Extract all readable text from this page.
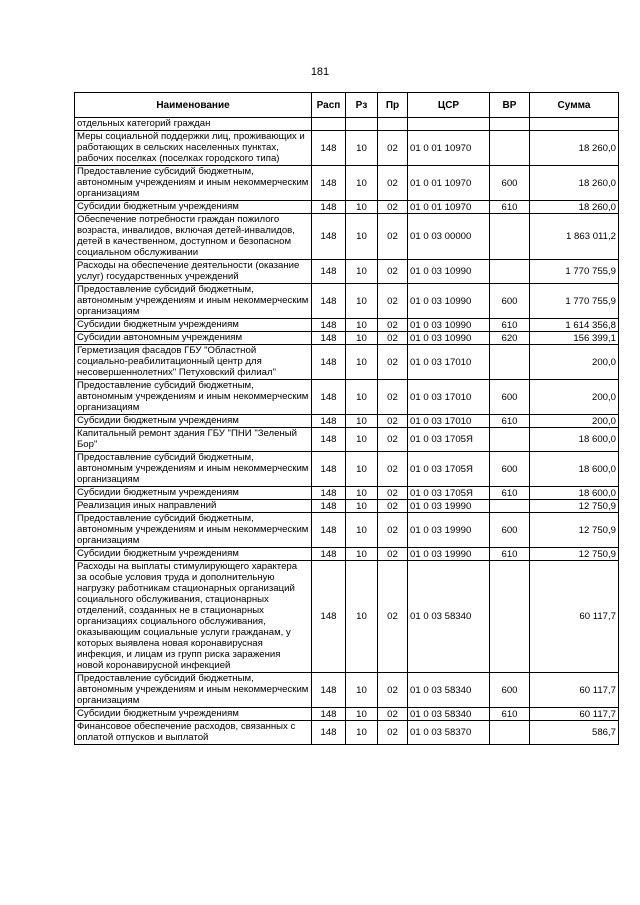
181
Наименование	Расп	Рз	Пр	ЦСР	ВР	Сумма
отдельных категорий граждан						
Меры социальной поддержки лиц, проживающих и работающих в сельских населенных пунктах, рабочих поселках (поселках городского типа)	148	10	02	01 0 01 10970		18 260,0
Предоставление субсидий бюджетным, автономным учреждениям и иным некоммерческим организациям	148	10	02	01 0 01 10970	600	18 260,0
Субсидии бюджетным учреждениям	148	10	02	01 0 01 10970	610	18 260,0
Обеспечение потребности граждан пожилого возраста, инвалидов, включая детей-инвалидов, детей в качественном, доступном и безопасном социальном обслуживании	148	10	02	01 0 03 00000		1 863 011,2
Расходы на обеспечение деятельности (оказание услуг) государственных учреждений	148	10	02	01 0 03 10990		1 770 755,9
Предоставление субсидий бюджетным, автономным учреждениям и иным некоммерческим организациям	148	10	02	01 0 03 10990	600	1 770 755,9
Субсидии бюджетным учреждениям	148	10	02	01 0 03 10990	610	1 614 356,8
Субсидии автономным учреждениям	148	10	02	01 0 03 10990	620	156 399,1
Герметизация фасадов ГБУ "Областной социально-реабилитационный центр для несовершеннолетних" Петуховский филиал"	148	10	02	01 0 03 17010		200,0
Предоставление субсидий бюджетным, автономным учреждениям и иным некоммерческим организациям	148	10	02	01 0 03 17010	600	200,0
Субсидии бюджетным учреждениям	148	10	02	01 0 03 17010	610	200,0
Капитальный ремонт здания ГБУ "ПНИ "Зеленый Бор"	148	10	02	01 0 03 1705Я		18 600,0
Предоставление субсидий бюджетным, автономным учреждениям и иным некоммерческим организациям	148	10	02	01 0 03 1705Я	600	18 600,0
Субсидии бюджетным учреждениям	148	10	02	01 0 03 1705Я	610	18 600,0
Реализация иных направлений	148	10	02	01 0 03 19990		12 750,9
Предоставление субсидий бюджетным, автономным учреждениям и иным некоммерческим организациям	148	10	02	01 0 03 19990	600	12 750,9
Субсидии бюджетным учреждениям	148	10	02	01 0 03 19990	610	12 750,9
Расходы на выплаты стимулирующего характера за особые условия труда и дополнительную нагрузку работникам стационарных организаций социального обслуживания, стационарных отделений, созданных не в стационарных организациях социального обслуживания, оказывающим социальные услуги гражданам, у которых выявлена новая коронавирусная инфекция, и лицам из групп риска заражения новой коронавирусной инфекцией	148	10	02	01 0 03 58340		60 117,7
Предоставление субсидий бюджетным, автономным учреждениям и иным некоммерческим организациям	148	10	02	01 0 03 58340	600	60 117,7
Субсидии бюджетным учреждениям	148	10	02	01 0 03 58340	610	60 117,7
Финансовое обеспечение расходов, связанных с оплатой отпусков и выплатой	148	10	02	01 0 03 58370		586,7
